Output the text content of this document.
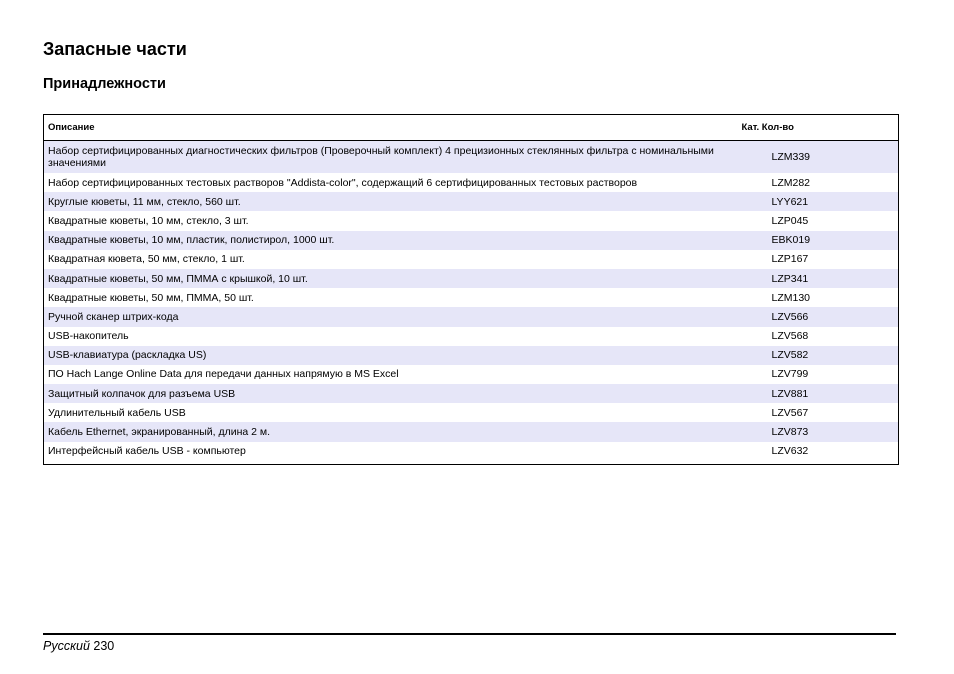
Запасные части
Принадлежности
Описание	Кат. Кол-во
Набор сертифицированных диагностических фильтров (Проверочный комплект) 4 прецизионных стеклянных фильтра с номинальными значениями	LZM339
Набор сертифицированных тестовых растворов "Addista-color", содержащий 6 сертифицированных тестовых растворов	LZM282
Круглые кюветы, 11 мм, стекло, 560 шт.	LYY621
Квадратные кюветы, 10 мм, стекло, 3 шт.	LZP045
Квадратные кюветы, 10 мм, пластик, полистирол, 1000 шт.	EBK019
Квадратная кювета, 50 мм, стекло, 1 шт.	LZP167
Квадратные кюветы, 50 мм, ПММА с крышкой, 10 шт.	LZP341
Квадратные кюветы, 50 мм, ПММА, 50 шт.	LZM130
Ручной сканер штрих-кода	LZV566
USB-накопитель	LZV568
USB-клавиатура (раскладка US)	LZV582
ПО Hach Lange Online Data для передачи данных напрямую в MS Excel	LZV799
Защитный колпачок для разъема USB	LZV881
Удлинительный кабель USB	LZV567
Кабель Ethernet, экранированный, длина 2 м.	LZV873
Интерфейсный кабель USB - компьютер	LZV632
Русский 230
